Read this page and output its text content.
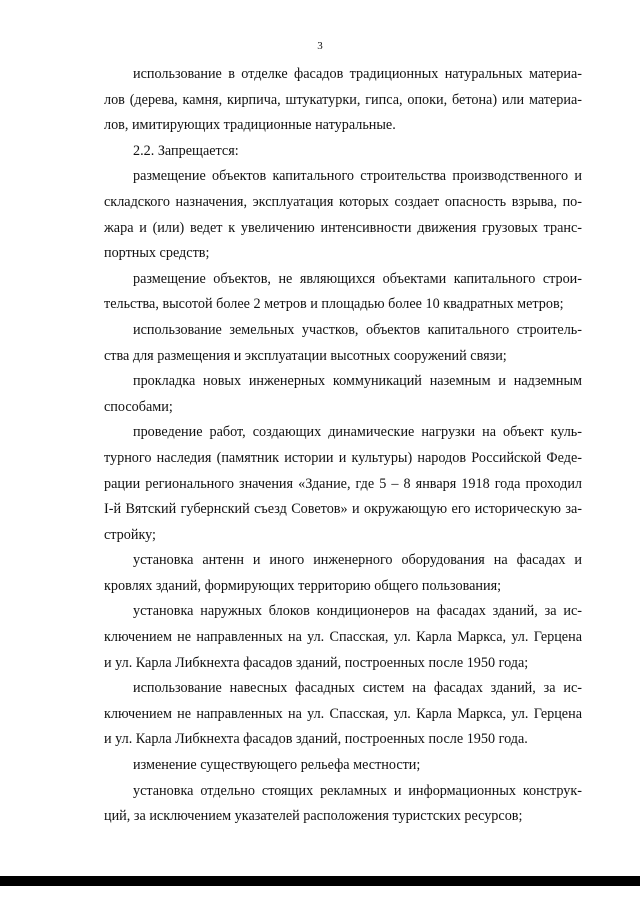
3
использование в отделке фасадов традиционных натуральных материа-
лов (дерева, камня, кирпича, штукатурки, гипса, опоки, бетона) или материа-
лов, имитирующих традиционные натуральные.
2.2. Запрещается:
размещение объектов капитального строительства производственного и
складского назначения, эксплуатация которых создает опасность взрыва, по-
жара и (или) ведет к увеличению интенсивности движения грузовых транс-
портных средств;
размещение объектов, не являющихся объектами капитального строи-
тельства, высотой более 2 метров и площадью более 10 квадратных метров;
использование земельных участков, объектов капитального строитель-
ства для размещения и эксплуатации высотных сооружений связи;
прокладка новых инженерных коммуникаций наземным и надземным
способами;
проведение работ, создающих динамические нагрузки на объект куль-
турного наследия (памятник истории и культуры) народов Российской Феде-
рации регионального значения «Здание, где 5 – 8 января 1918 года проходил
I-й Вятский губернский съезд Советов» и окружающую его историческую за-
стройку;
установка антенн и иного инженерного оборудования на фасадах и
кровлях зданий, формирующих территорию общего пользования;
установка наружных блоков кондиционеров на фасадах зданий, за ис-
ключением не направленных на ул. Спасская, ул. Карла Маркса, ул. Герцена
и ул. Карла Либкнехта фасадов зданий, построенных после 1950 года;
использование навесных фасадных систем на фасадах зданий, за ис-
ключением не направленных на ул. Спасская, ул. Карла Маркса, ул. Герцена
и ул. Карла Либкнехта фасадов зданий, построенных после 1950 года.
изменение существующего рельефа местности;
установка отдельно стоящих рекламных и информационных конструк-
ций, за исключением указателей расположения туристских ресурсов;
